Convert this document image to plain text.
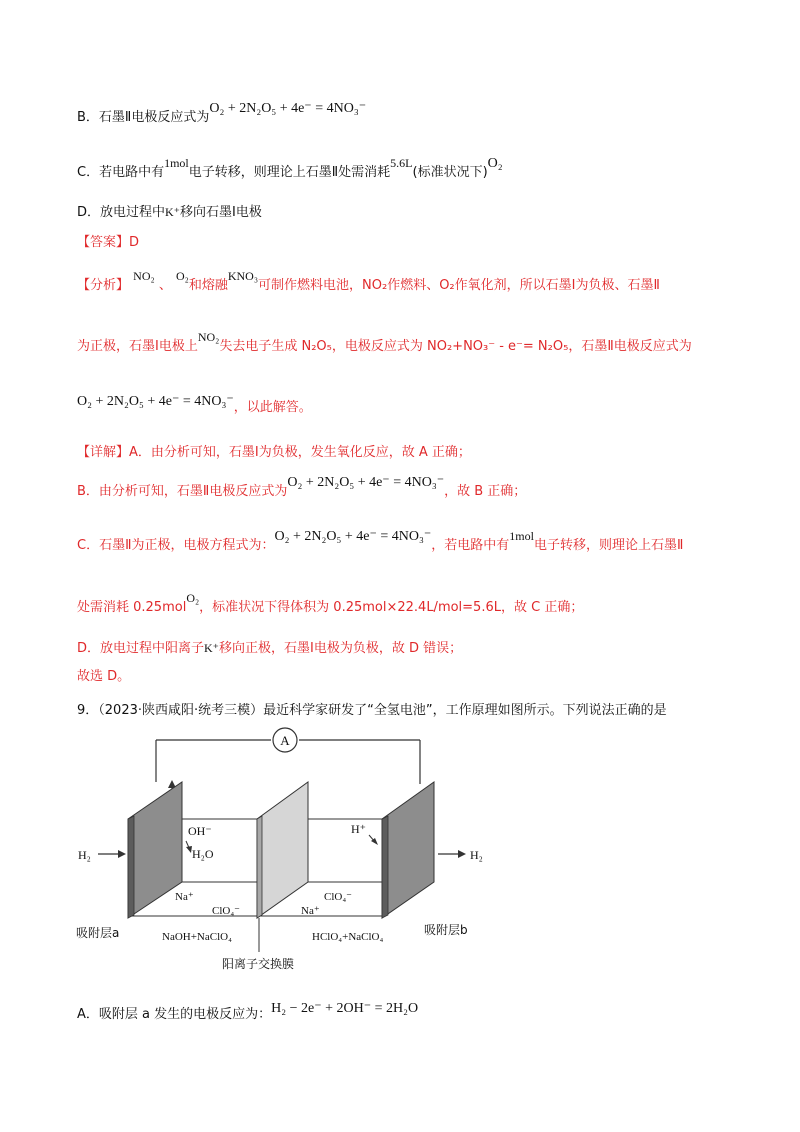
B．石墨Ⅱ电极反应式为O₂ + 2N₂O₅ + 4e⁻ = 4NO₃⁻
C．若电路中有1mol电子转移，则理论上石墨Ⅱ处需消耗5.6L(标准状况下)O₂
D．放电过程中K⁺移向石墨Ⅰ电极
【答案】D
【分析】 NO₂ 、 O₂和熔融KNO₃可制作燃料电池，NO₂作燃料、O₂作氧化剂，所以石墨Ⅰ为负极、石墨Ⅱ
为正极，石墨Ⅰ电极上NO₂失去电子生成 N₂O₅，电极反应式为 NO₂+NO₃⁻ - e⁻= N₂O₅，石墨Ⅱ电极反应式为
O₂ + 2N₂O₅ + 4e⁻ = 4NO₃⁻，以此解答。
【详解】A．由分析可知，石墨Ⅰ为负极，发生氧化反应，故 A 正确；
B．由分析可知，石墨Ⅱ电极反应式为O₂ + 2N₂O₅ + 4e⁻ = 4NO₃⁻，故 B 正确；
C．石墨Ⅱ为正极，电极方程式为：O₂ + 2N₂O₅ + 4e⁻ = 4NO₃⁻，若电路中有1mol电子转移，则理论上石墨Ⅱ
处需消耗 0.25molO₂，标准状况下得体积为 0.25mol×22.4L/mol=5.6L，故 C 正确；
D．放电过程中阳离子K⁺移向正极，石墨Ⅰ电极为负极，故 D 错误；
故选 D。
9．（2023·陕西咸阳·统考三模）最近科学家研发了“全氢电池”，工作原理如图所示。下列说法正确的是
A
H₂	H₂
OH⁻
H₂O
Na⁺
ClO₄⁻
H⁺
ClO₄⁻
Na⁺
吸附层a	吸附层b
NaOH+NaClO₄	HClO₄+NaClO₄
阳离子交换膜
A．吸附层 a 发生的电极反应为：H₂ − 2e⁻ + 2OH⁻ = 2H₂O
